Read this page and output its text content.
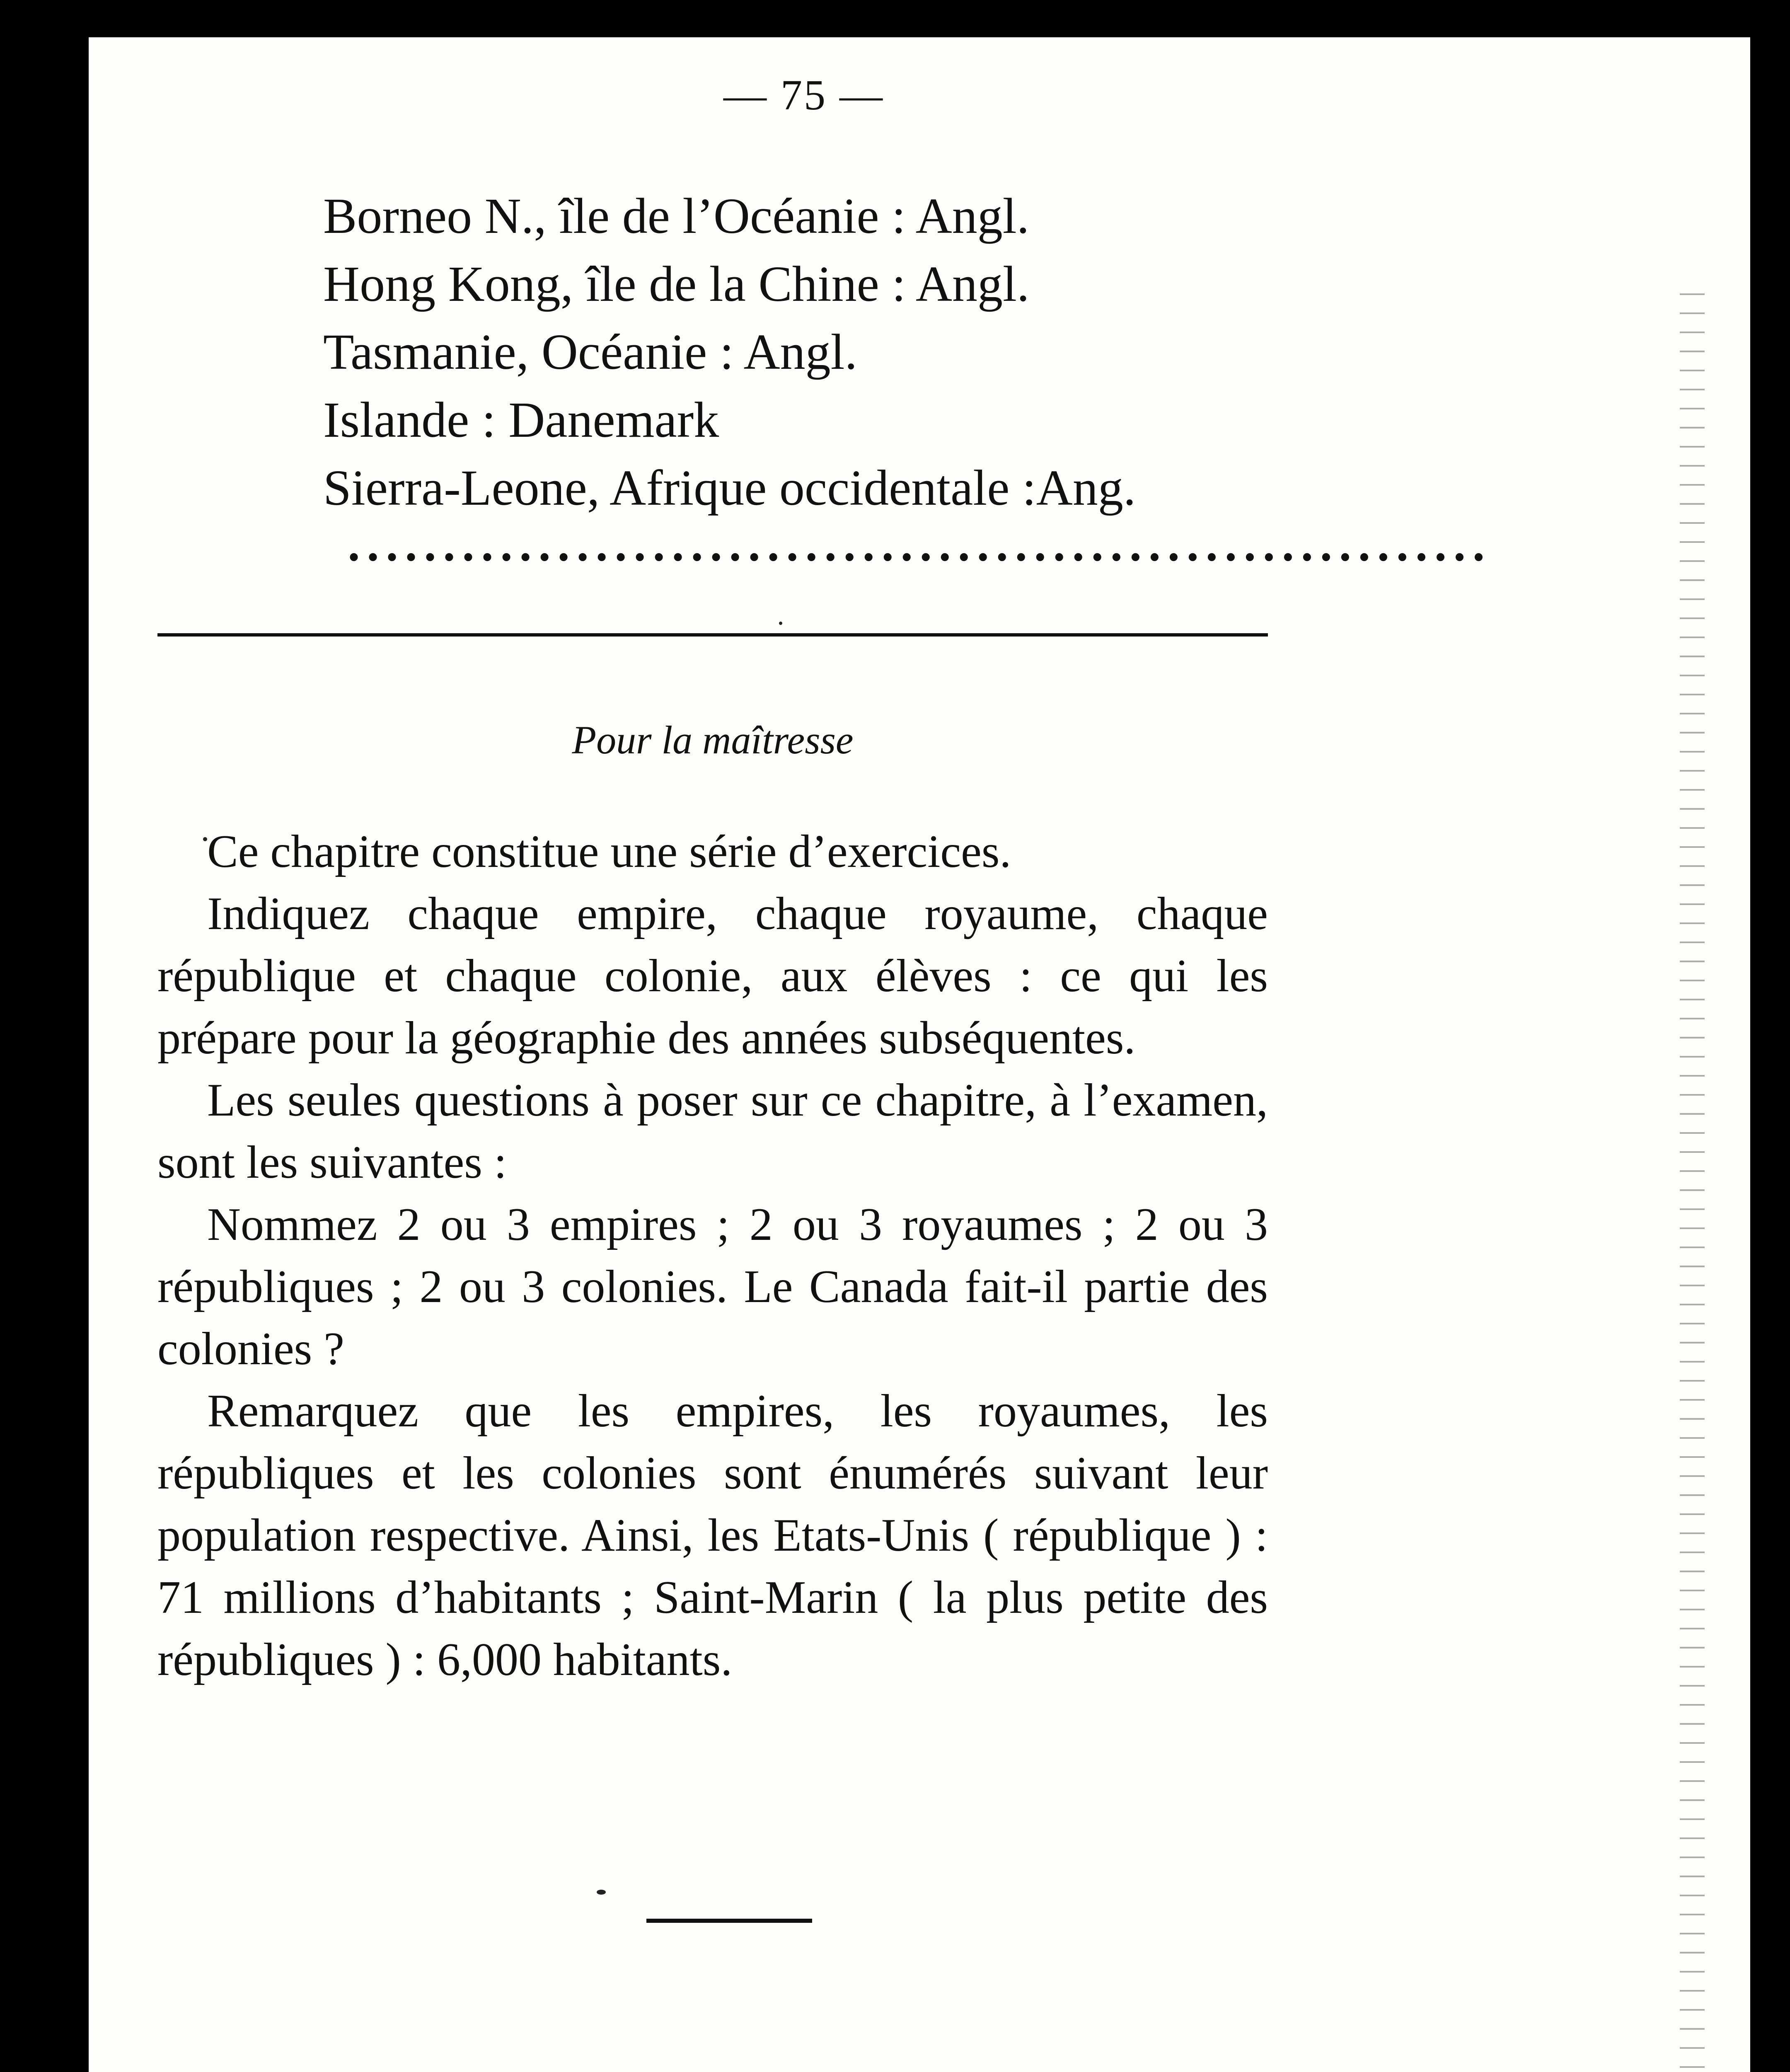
— 75 —
Borneo N., île de l’Océanie : Angl.
Hong Kong, île de la Chine : Angl.
Tasmanie, Océanie : Angl.
Islande : Danemark
Sierra-Leone, Afrique occidentale :Ang.
••••••••••••••••••••••••••••••••••••••••••••••••••••••••••••
Pour la maîtresse

Ce chapitre constitue une série d’exercices.

Indiquez chaque empire, chaque royaume, chaque république et chaque colonie, aux élèves : ce qui les prépare pour la géographie des années subséquentes.

Les seules questions à poser sur ce chapitre, à l’examen, sont les suivantes :

Nommez 2 ou 3 empires ; 2 ou 3 royaumes ; 2 ou 3 républiques ; 2 ou 3 colonies. Le Canada fait-il partie des colonies ?

Remarquez que les empires, les royaumes, les républiques et les colonies sont énumérés suivant leur population respective. Ainsi, les Etats-Unis ( république ) : 71 millions d’habitants ; Saint-Marin ( la plus petite des républiques ) : 6,000 habitants.
